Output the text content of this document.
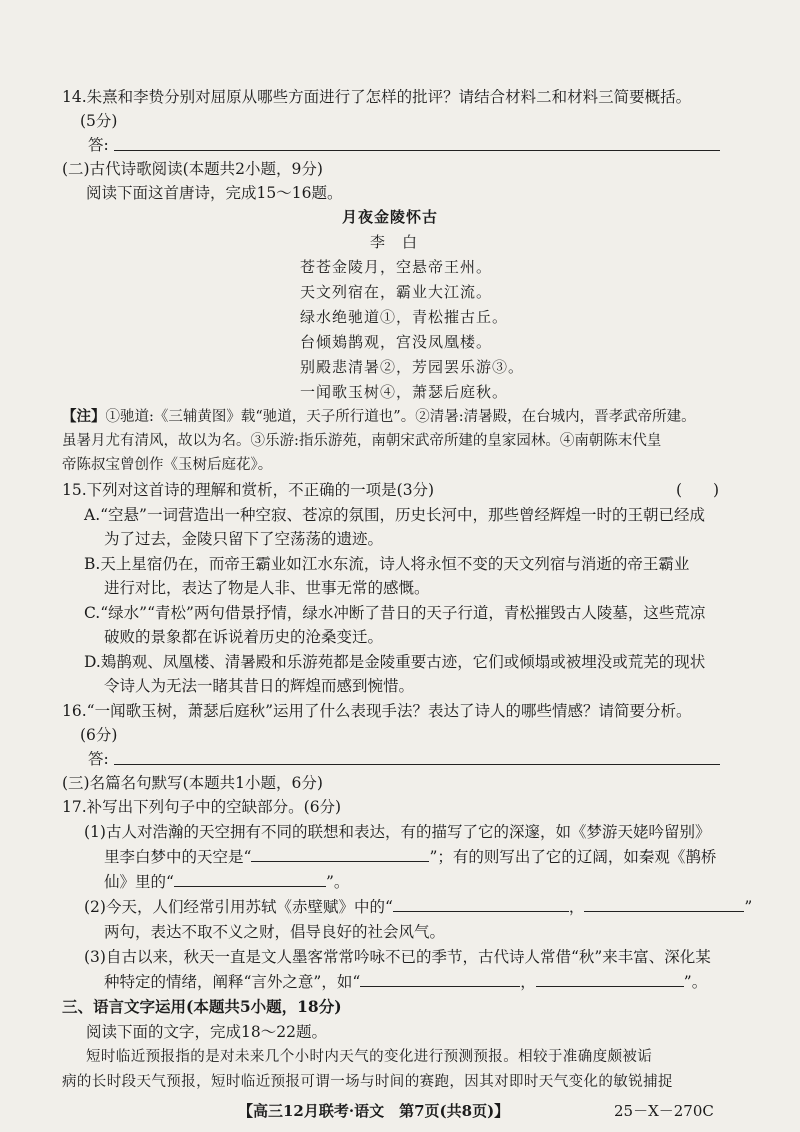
14.朱熹和李贽分别对屈原从哪些方面进行了怎样的批评？请结合材料二和材料三简要概括。
(5分)
答:
(二)古代诗歌阅读(本题共2小题，9分)
阅读下面这首唐诗，完成15～16题。
月夜金陵怀古
李　白
苍苍金陵月，空悬帝王州。
天文列宿在，霸业大江流。
绿水绝驰道①，青松摧古丘。
台倾鳷鹊观，宫没凤凰楼。
别殿悲清暑②，芳园罢乐游③。
一闻歌玉树④，萧瑟后庭秋。
【注】①驰道:《三辅黄图》载“驰道，天子所行道也”。②清暑:清暑殿，在台城内，晋孝武帝所建。
虽暑月尤有清风，故以为名。③乐游:指乐游苑，南朝宋武帝所建的皇家园林。④南朝陈末代皇
帝陈叔宝曾创作《玉树后庭花》。
15.下列对这首诗的理解和赏析，不正确的一项是(3分)	(　　)
A.“空悬”一词营造出一种空寂、苍凉的氛围，历史长河中，那些曾经辉煌一时的王朝已经成
为了过去，金陵只留下了空荡荡的遗迹。
B.天上星宿仍在，而帝王霸业如江水东流，诗人将永恒不变的天文列宿与消逝的帝王霸业
进行对比，表达了物是人非、世事无常的感慨。
C.“绿水”“青松”两句借景抒情，绿水冲断了昔日的天子行道，青松摧毁古人陵墓，这些荒凉
破败的景象都在诉说着历史的沧桑变迁。
D.鳷鹊观、凤凰楼、清暑殿和乐游苑都是金陵重要古迹，它们或倾塌或被埋没或荒芜的现状
令诗人为无法一睹其昔日的辉煌而感到惋惜。
16.“一闻歌玉树，萧瑟后庭秋”运用了什么表现手法？表达了诗人的哪些情感？请简要分析。
(6分)
答:
(三)名篇名句默写(本题共1小题，6分)
17.补写出下列句子中的空缺部分。(6分)
(1)古人对浩瀚的天空拥有不同的联想和表达，有的描写了它的深邃，如《梦游天姥吟留别》
里李白梦中的天空是“	”；有的则写出了它的辽阔，如秦观《鹊桥
仙》里的“	”。
(2)今天，人们经常引用苏轼《赤壁赋》中的“	，	”
两句，表达不取不义之财，倡导良好的社会风气。
(3)自古以来，秋天一直是文人墨客常常吟咏不已的季节，古代诗人常借“秋”来丰富、深化某
种特定的情绪，阐释“言外之意”，如“	，	”。
三、语言文字运用(本题共5小题，18分)
阅读下面的文字，完成18～22题。
短时临近预报指的是对未来几个小时内天气的变化进行预测预报。相较于准确度颇被诟
病的长时段天气预报，短时临近预报可谓一场与时间的赛跑，因其对即时天气变化的敏锐捕捉
【高三12月联考·语文　第7页(共8页)】	25－X－270C
